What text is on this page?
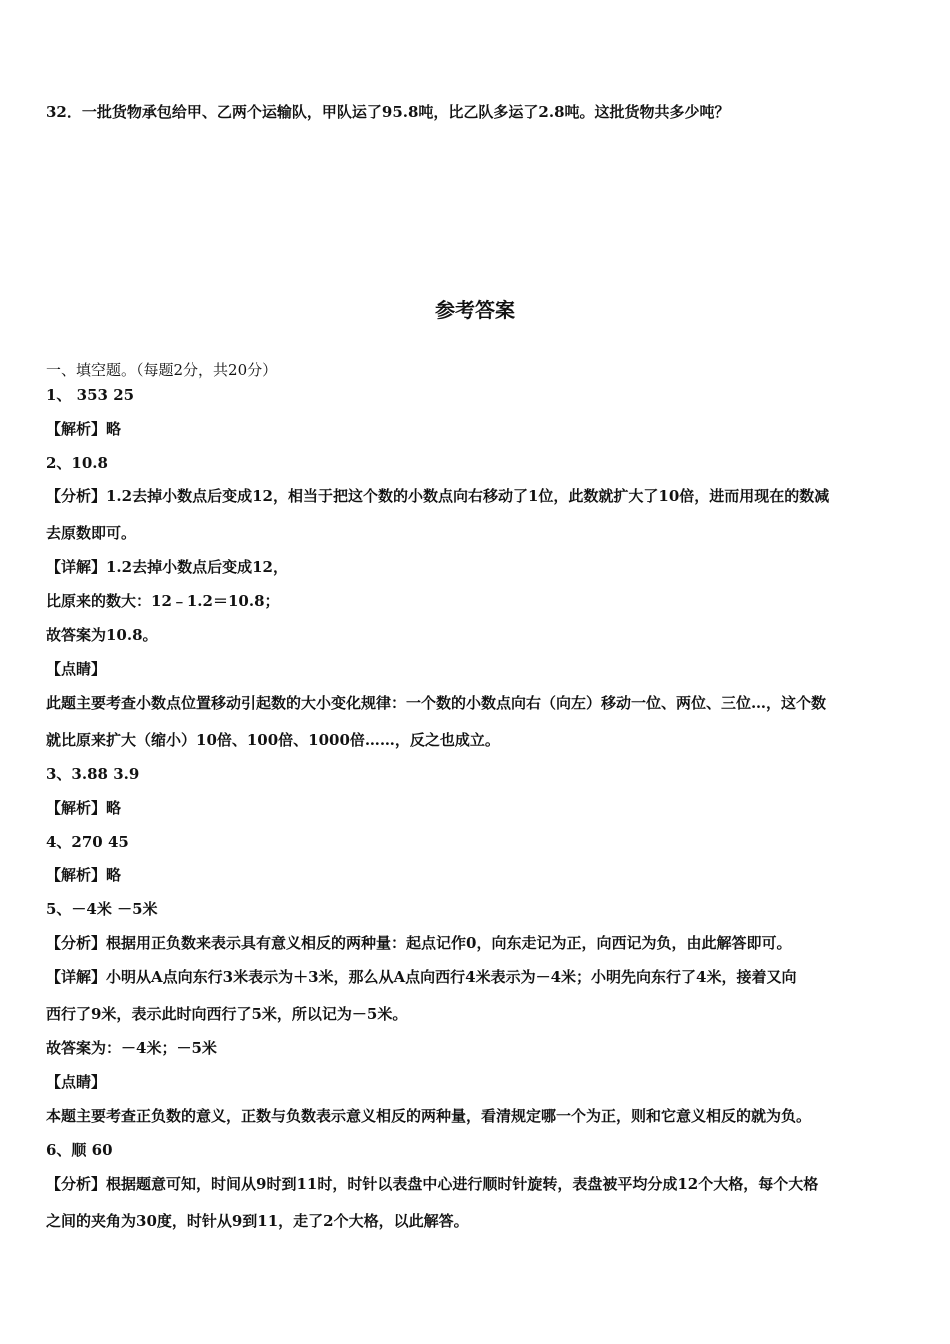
32．一批货物承包给甲、乙两个运输队，甲队运了95.8吨，比乙队多运了2.8吨。这批货物共多少吨？
参考答案
一、填空题。（每题2分，共20分）
1、 353 25
【解析】略
2、10.8
【分析】1.2去掉小数点后变成12，相当于把这个数的小数点向右移动了1位，此数就扩大了10倍，进而用现在的数减
去原数即可。
【详解】1.2去掉小数点后变成12，
比原来的数大：12﹣1.2＝10.8；
故答案为10.8。
【点睛】
此题主要考查小数点位置移动引起数的大小变化规律：一个数的小数点向右（向左）移动一位、两位、三位…，这个数
就比原来扩大（缩小）10倍、100倍、1000倍……，反之也成立。
3、3.88 3.9
【解析】略
4、270 45
【解析】略
5、－4米 －5米
【分析】根据用正负数来表示具有意义相反的两种量：起点记作0，向东走记为正，向西记为负，由此解答即可。
【详解】小明从A点向东行3米表示为＋3米，那么从A点向西行4米表示为－4米；小明先向东行了4米，接着又向
西行了9米，表示此时向西行了5米，所以记为－5米。
故答案为：－4米；－5米
【点睛】
本题主要考查正负数的意义，正数与负数表示意义相反的两种量，看清规定哪一个为正，则和它意义相反的就为负。
6、顺 60
【分析】根据题意可知，时间从9时到11时，时针以表盘中心进行顺时针旋转，表盘被平均分成12个大格，每个大格
之间的夹角为30度，时针从9到11，走了2个大格，以此解答。
